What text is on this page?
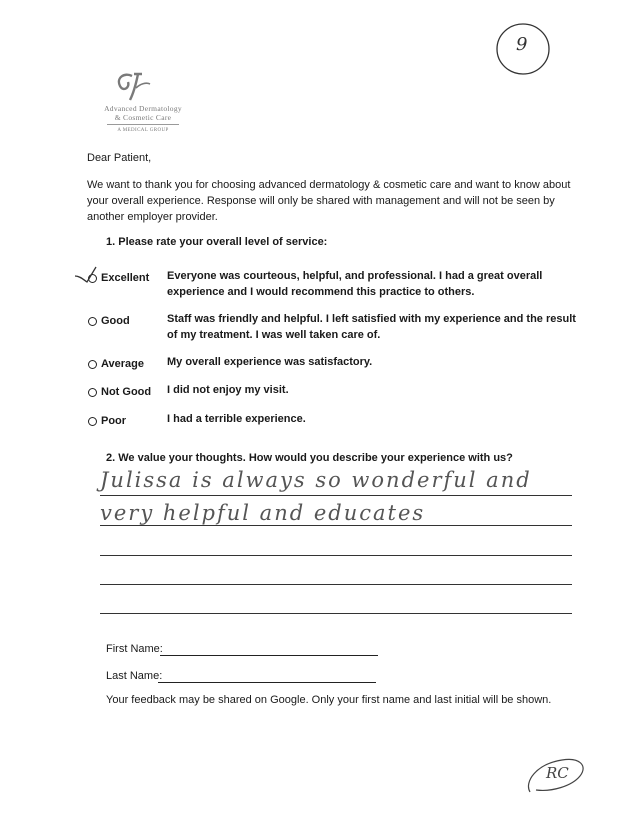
Advanced Dermatology
& Cosmetic Care
A MEDICAL GROUP
9
Dear Patient,
We want to thank you for choosing advanced dermatology & cosmetic care and want to know about your overall experience. Response will only be shared with management and will not be seen by another employer provider.
1. Please rate your overall level of service:
Excellent Everyone was courteous, helpful, and professional. I had a great overall experience and I would recommend this practice to others.
Good	Staff was friendly and helpful. I left satisfied with my experience and the result of my treatment. I was well taken care of.
Average My overall experience was satisfactory.
Not Good I did not enjoy my visit.
Poor	I had a terrible experience.
2. We value your thoughts. How would you describe your experience with us?
Julissa is always so wonderful and
very helpful and educates
First Name:
Last Name:
Your feedback may be shared on Google. Only your first name and last initial will be shown.
RC
